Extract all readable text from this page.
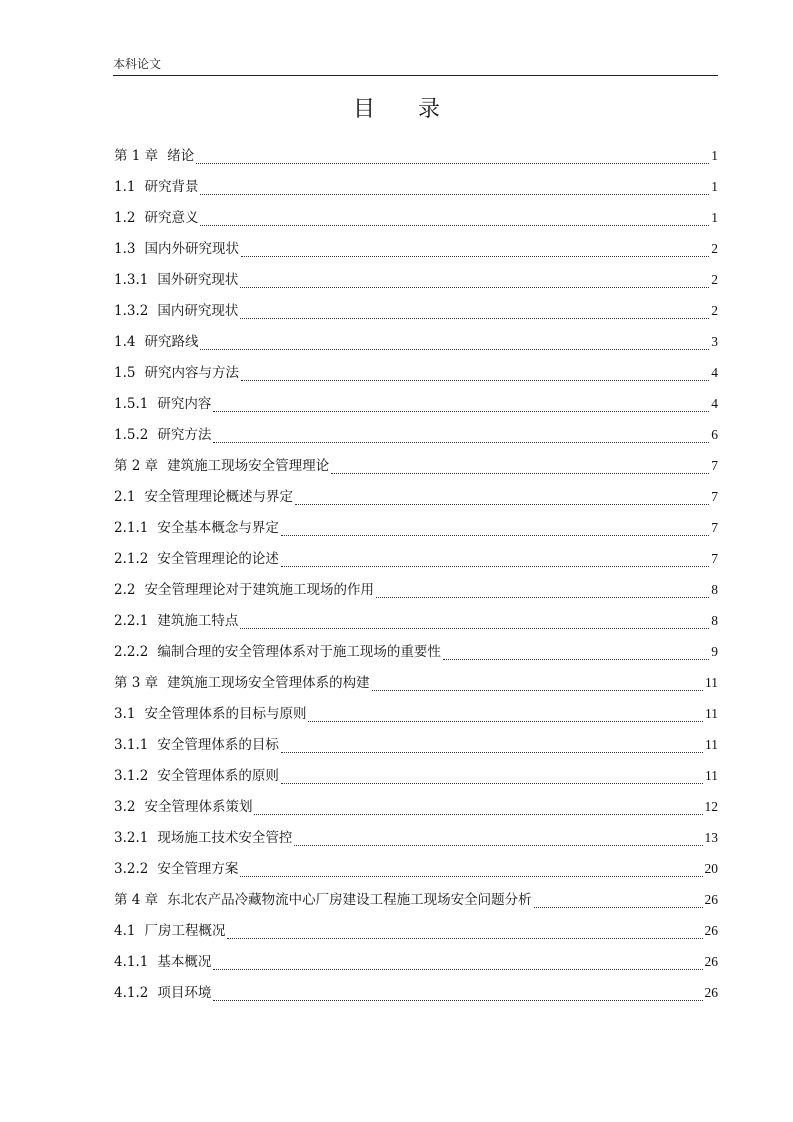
本科论文
目 录
第 1 章 绪论	1
1.1 研究背景	1
1.2 研究意义	1
1.3 国内外研究现状	2
1.3.1 国外研究现状	2
1.3.2 国内研究现状	2
1.4 研究路线	3
1.5 研究内容与方法	4
1.5.1 研究内容	4
1.5.2 研究方法	6
第 2 章 建筑施工现场安全管理理论	7
2.1 安全管理理论概述与界定	7
2.1.1 安全基本概念与界定	7
2.1.2 安全管理理论的论述	7
2.2 安全管理理论对于建筑施工现场的作用	8
2.2.1 建筑施工特点	8
2.2.2 编制合理的安全管理体系对于施工现场的重要性	9
第 3 章 建筑施工现场安全管理体系的构建	11
3.1 安全管理体系的目标与原则	11
3.1.1 安全管理体系的目标	11
3.1.2 安全管理体系的原则	11
3.2 安全管理体系策划	12
3.2.1 现场施工技术安全管控	13
3.2.2 安全管理方案	20
第 4 章 东北农产品冷藏物流中心厂房建设工程施工现场安全问题分析	26
4.1 厂房工程概况	26
4.1.1 基本概况	26
4.1.2 项目环境	26
